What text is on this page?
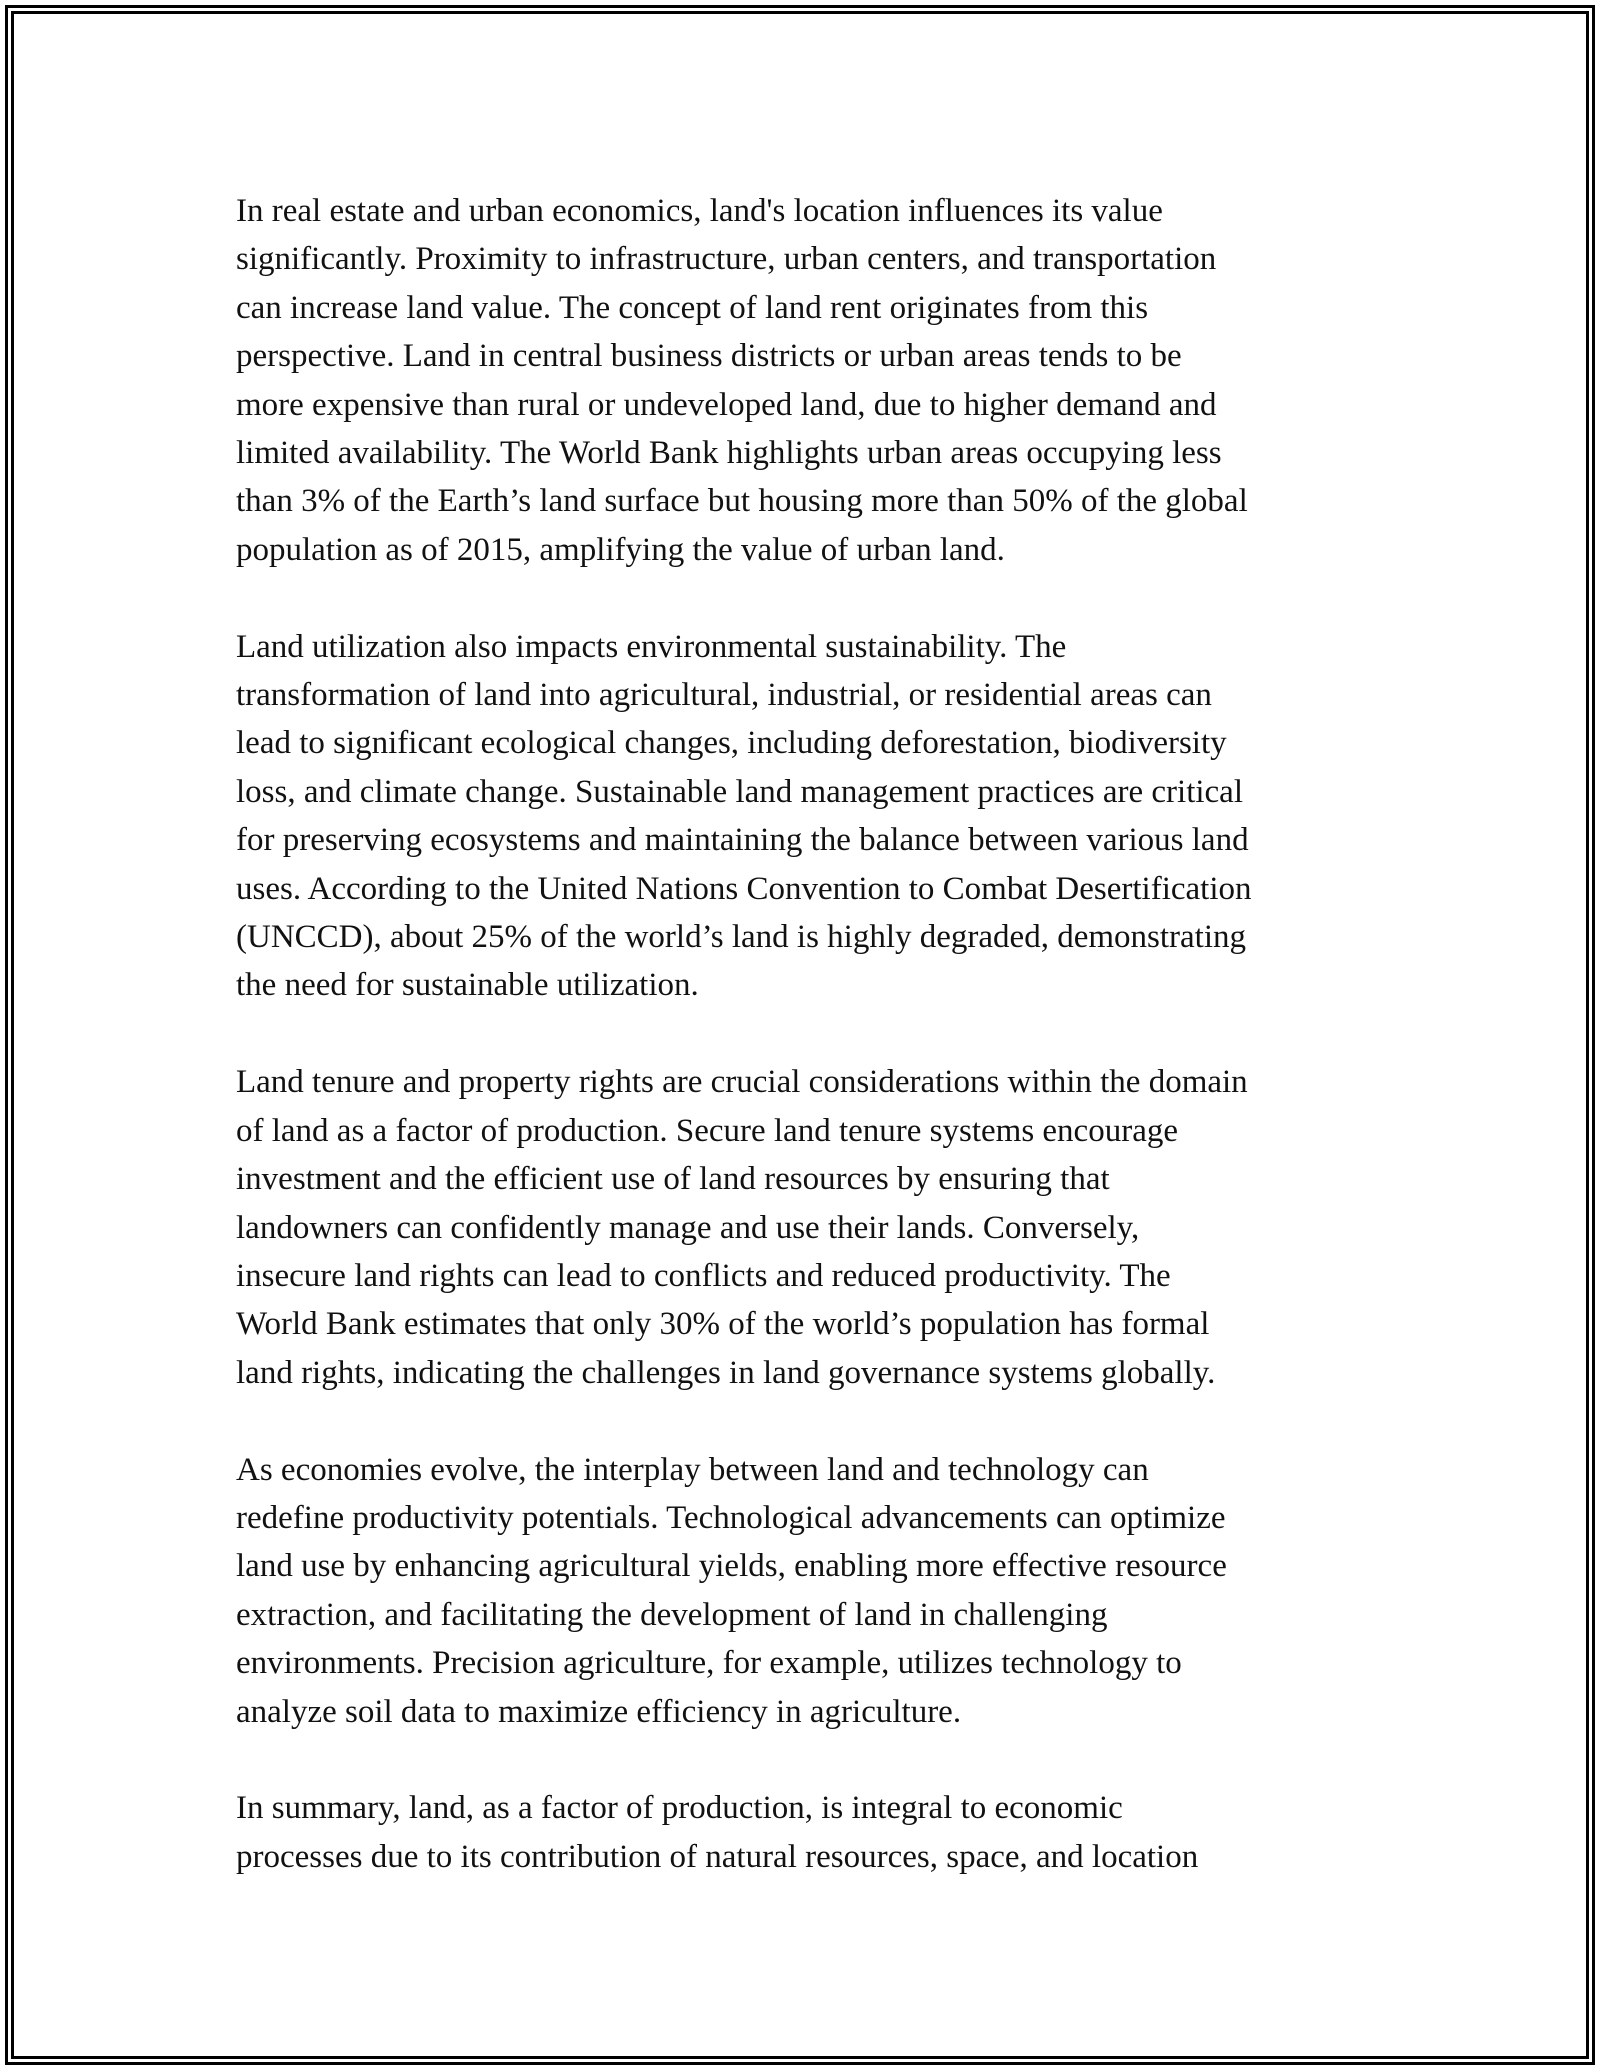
In real estate and urban economics, land's location influences its value
significantly. Proximity to infrastructure, urban centers, and transportation
can increase land value. The concept of land rent originates from this
perspective. Land in central business districts or urban areas tends to be
more expensive than rural or undeveloped land, due to higher demand and
limited availability. The World Bank highlights urban areas occupying less
than 3% of the Earth’s land surface but housing more than 50% of the global
population as of 2015, amplifying the value of urban land.

Land utilization also impacts environmental sustainability. The
transformation of land into agricultural, industrial, or residential areas can
lead to significant ecological changes, including deforestation, biodiversity
loss, and climate change. Sustainable land management practices are critical
for preserving ecosystems and maintaining the balance between various land
uses. According to the United Nations Convention to Combat Desertification
(UNCCD), about 25% of the world’s land is highly degraded, demonstrating
the need for sustainable utilization.

Land tenure and property rights are crucial considerations within the domain
of land as a factor of production. Secure land tenure systems encourage
investment and the efficient use of land resources by ensuring that
landowners can confidently manage and use their lands. Conversely,
insecure land rights can lead to conflicts and reduced productivity. The
World Bank estimates that only 30% of the world’s population has formal
land rights, indicating the challenges in land governance systems globally.

As economies evolve, the interplay between land and technology can
redefine productivity potentials. Technological advancements can optimize
land use by enhancing agricultural yields, enabling more effective resource
extraction, and facilitating the development of land in challenging
environments. Precision agriculture, for example, utilizes technology to
analyze soil data to maximize efficiency in agriculture.

In summary, land, as a factor of production, is integral to economic
processes due to its contribution of natural resources, space, and location
